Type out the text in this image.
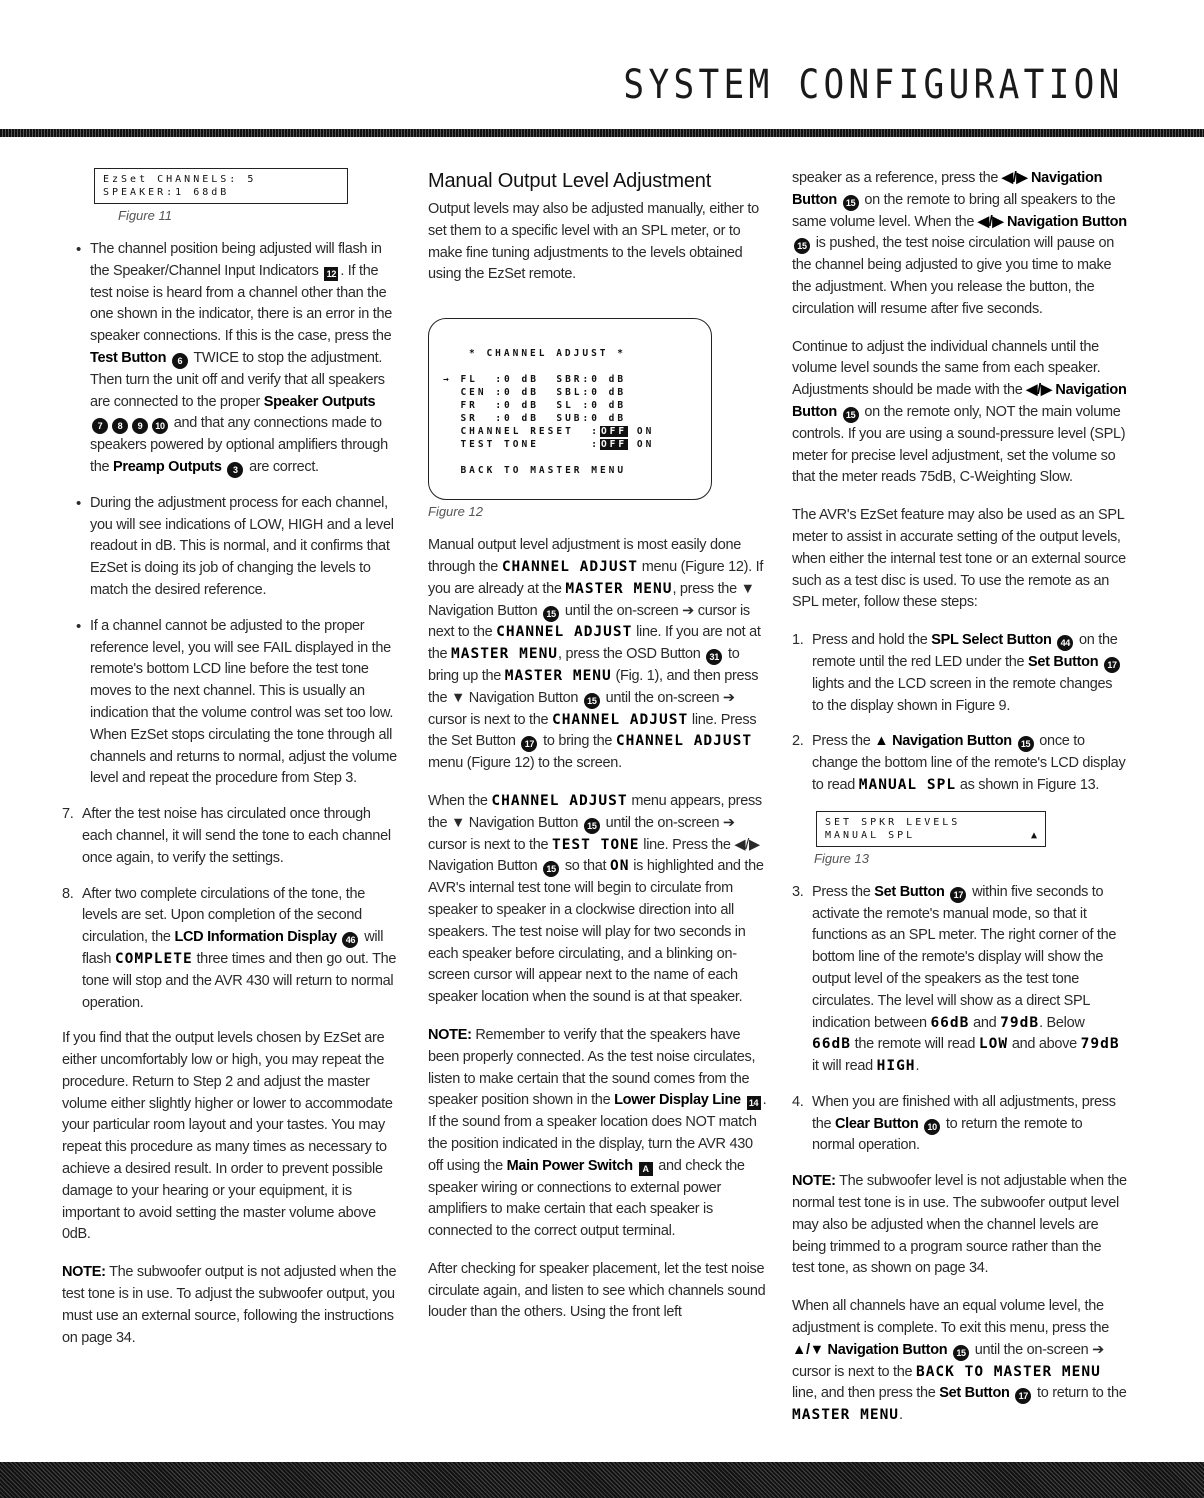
SYSTEM CONFIGURATION
EzSet CHANNELS: 5
SPEAKER:1 68dB
Figure 11
• The channel position being adjusted will flash in the Speaker/Channel Input Indicators 12 . If the test noise is heard from a channel other than the one shown in the indicator, there is an error in the speaker connections. If this is the case, press the Test Button 6 TWICE to stop the adjustment. Then turn the unit off and verify that all speakers are connected to the proper Speaker Outputs 7 8 9 10 and that any connections made to speakers powered by optional amplifiers through the Preamp Outputs 3 are correct.
• During the adjustment process for each channel, you will see indications of LOW, HIGH and a level readout in dB. This is normal, and it confirms that EzSet is doing its job of changing the levels to match the desired reference.
• If a channel cannot be adjusted to the proper reference level, you will see FAIL displayed in the remote's bottom LCD line before the test tone moves to the next channel. This is usually an indication that the volume control was set too low. When EzSet stops circulating the tone through all channels and returns to normal, adjust the volume level and repeat the procedure from Step 3.
7. After the test noise has circulated once through each channel, it will send the tone to each channel once again, to verify the settings.
8. After two complete circulations of the tone, the levels are set. Upon completion of the second circulation, the LCD Information Display 46 will flash COMPLETE three times and then go out. The tone will stop and the AVR 430 will return to normal operation.
If you find that the output levels chosen by EzSet are either uncomfortably low or high, you may repeat the procedure. Return to Step 2 and adjust the master volume either slightly higher or lower to accommodate your particular room layout and your tastes. You may repeat this procedure as many times as necessary to achieve a desired result. In order to prevent possible damage to your hearing or your equipment, it is important to avoid setting the master volume above 0dB.
NOTE: The subwoofer output is not adjusted when the test tone is in use. To adjust the subwoofer output, you must use an external source, following the instructions on page 34.
Manual Output Level Adjustment
Output levels may also be adjusted manually, either to set them to a specific level with an SPL meter, or to make fine tuning adjustments to the levels obtained using the EzSet remote.
* CHANNEL ADJUST *
→ FL  :0 dB  SBR:0 dB
CEN :0 dB  SBL:0 dB
FR  :0 dB  SL :0 dB
SR  :0 dB  SUB:0 dB
CHANNEL RESET  :OFF ON
TEST TONE      :OFF ON
BACK TO MASTER MENU
Figure 12
Manual output level adjustment is most easily done through the CHANNEL ADJUST menu (Figure 12). If you are already at the MASTER MENU, press the ▼ Navigation Button 15 until the on-screen ➔ cursor is next to the CHANNEL ADJUST line. If you are not at the MASTER MENU, press the OSD Button 31 to bring up the MASTER MENU (Fig. 1), and then press the ▼ Navigation Button 15 until the on-screen ➔ cursor is next to the CHANNEL ADJUST line. Press the Set Button 17 to bring the CHANNEL ADJUST menu (Figure 12) to the screen.
When the CHANNEL ADJUST menu appears, press the ▼ Navigation Button 15 until the on-screen ➔ cursor is next to the TEST TONE line. Press the ◀/▶ Navigation Button 15 so that ON is highlighted and the AVR's internal test tone will begin to circulate from speaker to speaker in a clockwise direction into all speakers. The test noise will play for two seconds in each speaker before circulating, and a blinking on-screen cursor will appear next to the name of each speaker location when the sound is at that speaker.
NOTE: Remember to verify that the speakers have been properly connected. As the test noise circulates, listen to make certain that the sound comes from the speaker position shown in the Lower Display Line 14 . If the sound from a speaker location does NOT match the position indicated in the display, turn the AVR 430 off using the Main Power Switch A and check the speaker wiring or connections to external power amplifiers to make certain that each speaker is connected to the correct output terminal.
After checking for speaker placement, let the test noise circulate again, and listen to see which channels sound louder than the others. Using the front left
speaker as a reference, press the ◀/▶ Navigation Button 15 on the remote to bring all speakers to the same volume level. When the ◀/▶ Navigation Button 15 is pushed, the test noise circulation will pause on the channel being adjusted to give you time to make the adjustment. When you release the button, the circulation will resume after five seconds.
Continue to adjust the individual channels until the volume level sounds the same from each speaker. Adjustments should be made with the ◀/▶ Navigation Button 15 on the remote only, NOT the main volume controls. If you are using a sound-pressure level (SPL) meter for precise level adjustment, set the volume so that the meter reads 75dB, C-Weighting Slow.
The AVR's EzSet feature may also be used as an SPL meter to assist in accurate setting of the output levels, when either the internal test tone or an external source such as a test disc is used. To use the remote as an SPL meter, follow these steps:
1. Press and hold the SPL Select Button 44 on the remote until the red LED under the Set Button 17 lights and the LCD screen in the remote changes to the display shown in Figure 9.
2. Press the ▲ Navigation Button 15 once to change the bottom line of the remote's LCD display to read MANUAL SPL as shown in Figure 13.
SET SPKR LEVELS
MANUAL SPL	▲
Figure 13
3. Press the Set Button 17 within five seconds to activate the remote's manual mode, so that it functions as an SPL meter. The right corner of the bottom line of the remote's display will show the output level of the speakers as the test tone circulates. The level will show as a direct SPL indication between 66dB and 79dB. Below 66dB the remote will read LOW and above 79dB it will read HIGH.
4. When you are finished with all adjustments, press the Clear Button 10 to return the remote to normal operation.
NOTE: The subwoofer level is not adjustable when the normal test tone is in use. The subwoofer output level may also be adjusted when the channel levels are being trimmed to a program source rather than the test tone, as shown on page 34.
When all channels have an equal volume level, the adjustment is complete. To exit this menu, press the ▲/▼ Navigation Button 15 until the on-screen ➔ cursor is next to the BACK TO MASTER MENU line, and then press the Set Button 17 to return to the MASTER MENU.
